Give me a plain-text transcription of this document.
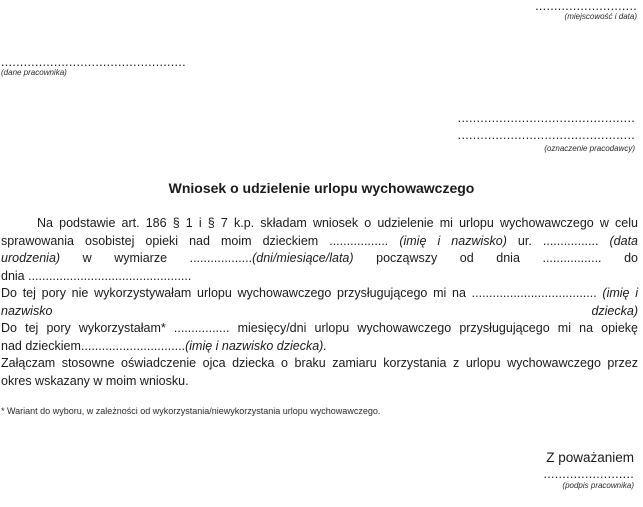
...........................
(miejscowość i data)
.................................................
(dane pracownika)
...............................................
...............................................
(oznaczenie pracodawcy)
Wniosek o udzielenie urlopu wychowawczego
Na podstawie art. 186 § 1 i § 7 k.p. składam wniosek o udzielenie mi urlopu wychowawczego w celu
sprawowania osobistej opieki nad moim dzieckiem ................. (imię i nazwisko) ur. ................ (data
urodzenia) w wymiarze ..................(dni/miesiące/lata) począwszy od dnia ................. do
dnia ...............................................
Do tej pory nie wykorzystywałam urlopu wychowawczego przysługującego mi na .................................... (imię i
nazwisko	dziecka)
Do tej pory wykorzystałam* ................ miesięcy/dni urlopu wychowawczego przysługującego mi na opiekę
nad dzieckiem..............................(imię i nazwisko dziecka).
Załączam stosowne oświadczenie ojca dziecka o braku zamiaru korzystania z urlopu wychowawczego przez
okres wskazany w moim wniosku.
* Wariant do wyboru, w zależności od wykorzystania/niewykorzystania urlopu wychowawczego.
Z poważaniem
........................
(podpis pracownika)
